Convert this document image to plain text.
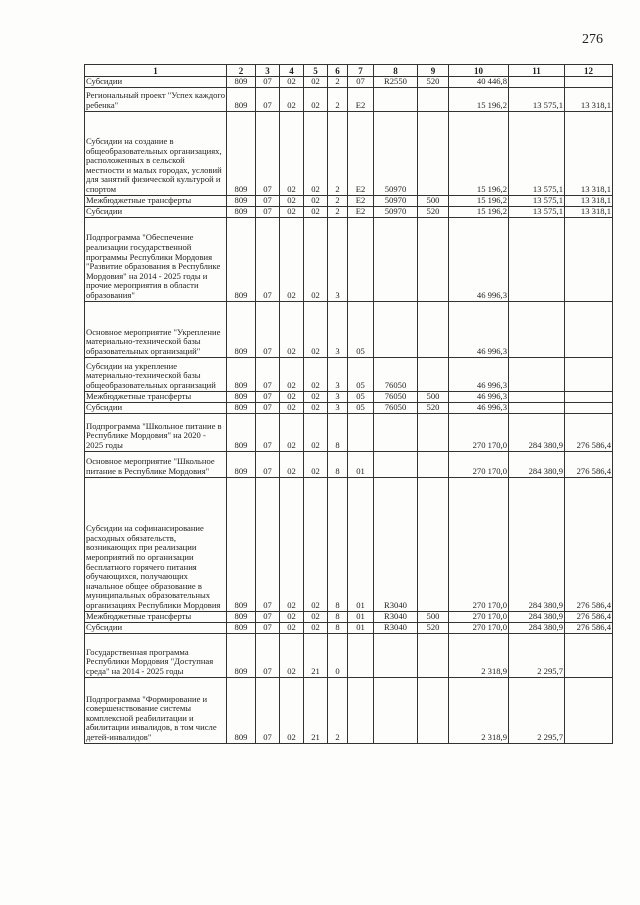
276
1	2	3	4	5	6	7	8	9	10	11	12
Субсидии	809	07	02	02	2	07	R2550	520	40 446,8		
Региональный проект "Успех каждого ребенка"	809	07	02	02	2	E2			15 196,2	13 575,1	13 318,1
Субсидии на создание в общеобразовательных организациях, расположенных в сельской местности и малых городах, условий для занятий физической культурой и спортом	809	07	02	02	2	E2	50970		15 196,2	13 575,1	13 318,1
Межбюджетные трансферты	809	07	02	02	2	E2	50970	500	15 196,2	13 575,1	13 318,1
Субсидии	809	07	02	02	2	E2	50970	520	15 196,2	13 575,1	13 318,1
Подпрограмма "Обеспечение реализации государственной программы Республики Мордовия "Развитие образования в Республике Мордовия" на 2014 - 2025 годы и прочие мероприятия в области образования"	809	07	02	02	3				46 996,3		
Основное мероприятие "Укрепление материально-технической базы образовательных организаций"	809	07	02	02	3	05			46 996,3		
Субсидии на укрепление материально-технической базы общеобразовательных организаций	809	07	02	02	3	05	76050		46 996,3		
Межбюджетные трансферты	809	07	02	02	3	05	76050	500	46 996,3		
Субсидии	809	07	02	02	3	05	76050	520	46 996,3		
Подпрограмма "Школьное питание в Республике Мордовия" на 2020 - 2025 годы	809	07	02	02	8				270 170,0	284 380,9	276 586,4
Основное мероприятие "Школьное питание в Республике Мордовия"	809	07	02	02	8	01			270 170,0	284 380,9	276 586,4
Субсидии на софинансирование расходных обязательств, возникающих при реализации мероприятий по организации бесплатного горячего питания обучающихся, получающих начальное общее образование в муниципальных образовательных организациях Республики Мордовия	809	07	02	02	8	01	R3040		270 170,0	284 380,9	276 586,4
Межбюджетные трансферты	809	07	02	02	8	01	R3040	500	270 170,0	284 380,9	276 586,4
Субсидии	809	07	02	02	8	01	R3040	520	270 170,0	284 380,9	276 586,4
Государственная программа Республики Мордовия "Доступная среда" на 2014 - 2025 годы	809	07	02	21	0				2 318,9	2 295,7	
Подпрограмма "Формирование и совершенствование системы комплексной реабилитации и абилитации инвалидов, в том числе детей-инвалидов"	809	07	02	21	2				2 318,9	2 295,7	
